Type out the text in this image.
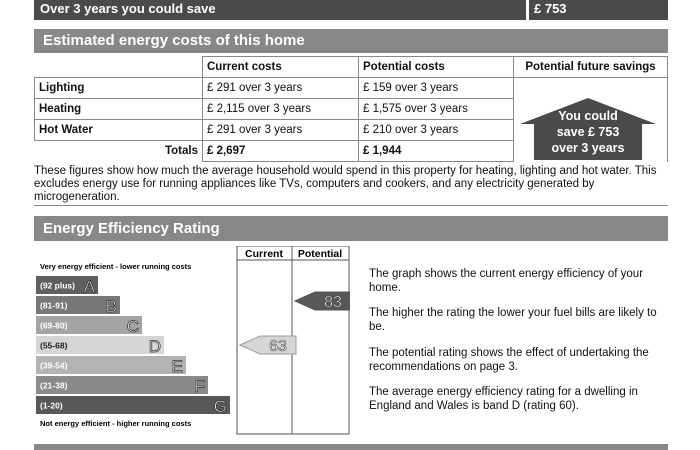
Over 3 years you could save	£ 753
Estimated energy costs of this home
	Current costs	Potential costs	Potential future savings
Lighting	£ 291 over 3 years	£ 159 over 3 years	
Heating	£ 2,115 over 3 years	£ 1,575 over 3 years	
Hot Water	£ 291 over 3 years	£ 210 over 3 years	
Totals	£ 2,697	£ 1,944	
You could
save £ 753
over 3 years
These figures show how much the average household would spend in this property for heating, lighting and hot water. This excludes energy use for running appliances like TVs, computers and cookers, and any electricity generated by microgeneration.
Energy Efficiency Rating
Current Potential
Very energy efficient - lower running costs
Not energy efficient - higher running costs
(92 plus) A
(81-91) B
(69-80)	C
(55-68)	D
(39-54)	E
(21-38)	F
(1-20)	G
63
83
The graph shows the current energy efficiency of your home.
The higher the rating the lower your fuel bills are likely to be.
The potential rating shows the effect of undertaking the recommendations on page 3.
The average energy efficiency rating for a dwelling in England and Wales is band D (rating 60).
